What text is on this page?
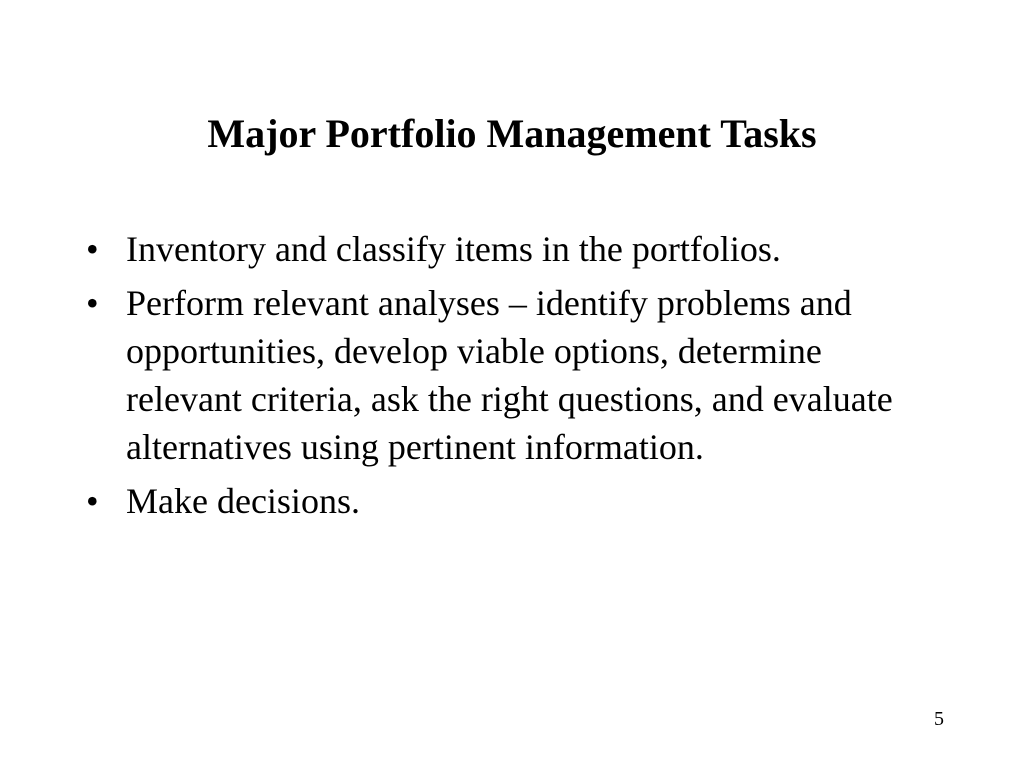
Major Portfolio Management Tasks
• Inventory and classify items in the portfolios.
• Perform relevant analyses – identify problems and opportunities, develop viable options, determine relevant criteria, ask the right questions, and evaluate alternatives using pertinent information.
• Make decisions.
5
